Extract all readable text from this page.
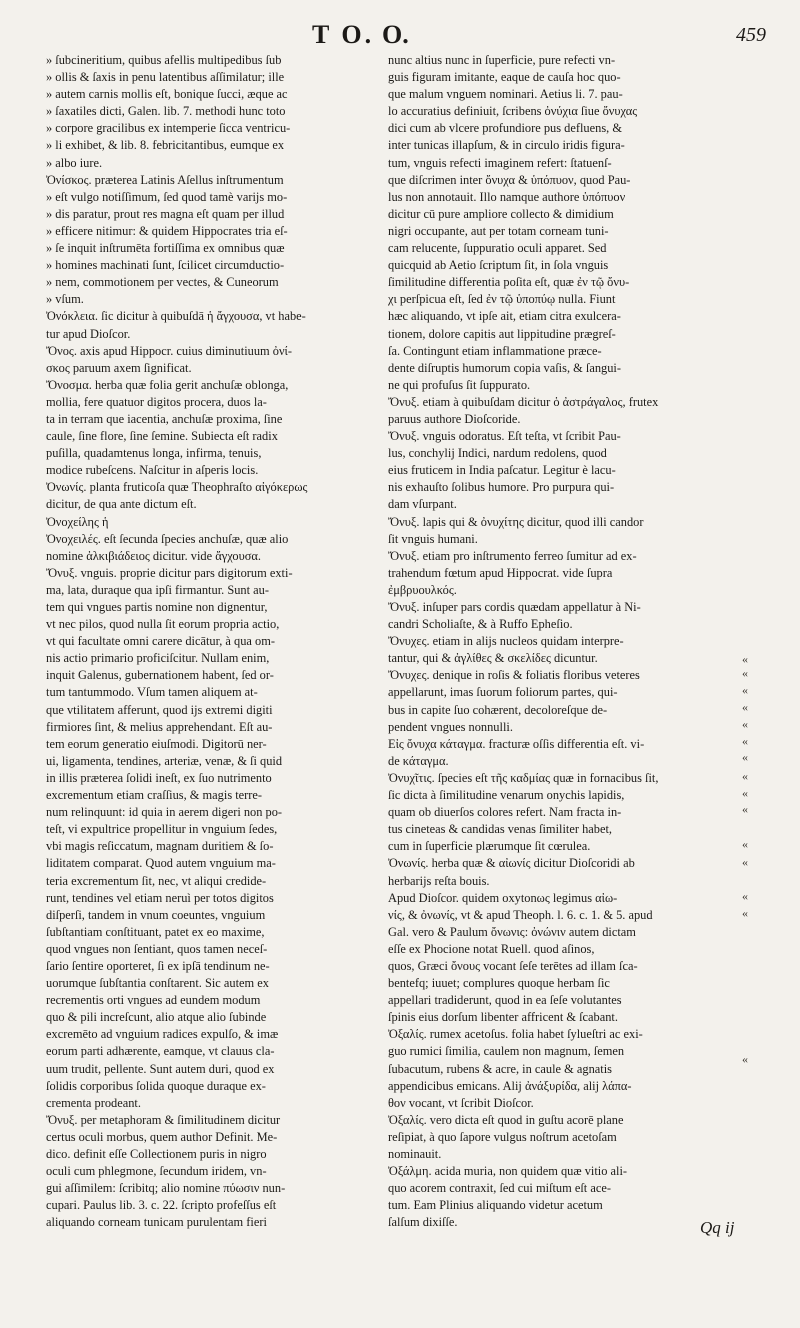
T O. O.	459

» ſubcineritium, quibus afellis multipedibus ſub

» ollis & ſaxis in penu latentibus aſſimilatur; ille

» autem carnis mollis eſt, bonique ſucci, æque ac

» ſaxatiles dicti, Galen. lib. 7. methodi hunc toto

» corpore gracilibus ex intemperie ſicca ventricu-

» li exhibet, & lib. 8. febricitantibus, eumque ex

» albo iure.

Ὀνίσκος. præterea Latinis Aſellus inſtrumentum

» eſt vulgo notiſſimum, ſed quod tamè varijs mo-

» dis paratur, prout res magna eſt quam per illud

» efficere nitimur: & quidem Hippocrates tria eſ-

» ſe inquit inſtrumēta fortiſſima ex omnibus quæ

» homines machinati ſunt, ſcilicet circumductio-

» nem, commotionem per vectes, & Cuneorum

» vſum.

Ὀνόκλεια. ſic dicitur à quibuſdā ἡ ἄγχουσα, vt habe-

tur apud Dioſcor.

Ὄνος. axis apud Hippocr. cuius diminutiuum ὀνί-

σκος paruum axem ſignificat.

Ὄνοσμα. herba quæ folia gerit anchuſæ oblonga,

mollia, fere quatuor digitos procera, duos la-

ta in terram que iacentia, anchuſæ proxima, ſine

caule, ſine flore, ſine ſemine. Subiecta eſt radix

puſilla, quadamtenus longa, infirma, tenuis,

modice rubeſcens. Naſcitur in aſperis locis.

Ὀνωνίς. planta fruticoſa quæ Theophraſto αἰγόκερως

dicitur, de qua ante dictum eſt.

Ὀνοχείλης ἡ

Ὀνοχειλές. eſt ſecunda ſpecies anchuſæ, quæ alio

nomine ἀλκιβιάδειος dicitur. vide ἄγχουσα.

Ὄνυξ. vnguis. proprie dicitur pars digitorum exti-

ma, lata, duraque qua ipſi firmantur. Sunt au-

tem qui vngues partis nomine non dignentur,

vt nec pilos, quod nulla ſit eorum propria actio,

vt qui facultate omni carere dicātur, à qua om-

nis actio primario proficiſcitur. Nullam enim,

inquit Galenus, gubernationem habent, ſed or-

tum tantummodo. Vſum tamen aliquem at-

que vtilitatem afferunt, quod ijs extremi digiti

firmiores ſint, & melius apprehendant. Eſt au-

tem eorum generatio eiuſmodi. Digitorū ner-

ui, ligamenta, tendines, arteriæ, venæ, & ſi quid

in illis præterea ſolidi ineſt, ex ſuo nutrimento

excrementum etiam craſſius, & magis terre-

num relinquunt: id quia in aerem digeri non po-

teſt, vi expultrice propellitur in vnguium ſedes,

vbi magis reſiccatum, magnam duritiem & ſo-

liditatem comparat. Quod autem vnguium ma-

teria excrementum ſit, nec, vt aliqui credide-

runt, tendines vel etiam neruì per totos digitos

diſperſi, tandem in vnum coeuntes, vnguium

ſubſtantiam conſtituant, patet ex eo maxime,

quod vngues non ſentiant, quos tamen neceſ-

ſario ſentire oporteret, ſi ex ipſā tendinum ne-

uorumque ſubſtantia conſtarent. Sic autem ex

recrementis orti vngues ad eundem modum

quo & pili increſcunt, alio atque alio ſubinde

excremēto ad vnguium radices expulſo, & imæ

eorum parti adhærente, eamque, vt clauus cla-

uum trudit, pellente. Sunt autem duri, quod ex

ſolidis corporibus ſolida quoque duraque ex-

crementa prodeant.

Ὄνυξ. per metaphoram & ſimilitudinem dicitur

certus oculi morbus, quem author Definit. Me-

dico. definit eſſe Collectionem puris in nigro

oculi cum phlegmone, ſecundum iridem, vn-

gui aſſimilem: ſcribitq; alio nomine πύωσιν nun-

cupari. Paulus lib. 3. c. 22. ſcripto profeſſus eſt

aliquando corneam tunicam purulentam fieri

nunc altius nunc in ſuperficie, pure refecti vn-

guis figuram imitante, eaque de cauſa hoc quo-

que malum vnguem nominari. Aetius li. 7. pau-

lo accuratius definiuit, ſcribens ὀνύχια ſiue ὄνυχας

dici cum ab vlcere profundiore pus defluens, &

inter tunicas illapſum, & in circulo iridis figura-

tum, vnguis refecti imaginem refert: ſtatuenſ-

que diſcrimen inter ὄνυχα & ὑπόπυον, quod Pau-

lus non annotauit. Illo namque authore ὑπόπυον

dicitur cū pure ampliore collecto & dimidium

nigri occupante, aut per totam corneam tuni-

cam relucente, ſuppuratio oculi apparet. Sed

quicquid ab Aetio ſcriptum ſit, in ſola vnguis

ſimilitudine differentia poſita eſt, quæ ἐν τῷ ὄνυ-

χι perſpicua eſt, ſed ἐν τῷ ὑποπύῳ nulla. Fiunt

hæc aliquando, vt ipſe ait, etiam citra exulcera-

tionem, dolore capitis aut lippitudine prægreſ-

ſa. Contingunt etiam inflammatione præce-

dente diſruptis humorum copia vaſis, & ſangui-

ne qui profuſus ſit ſuppurato.

Ὄνυξ. etiam à quibuſdam dicitur ὁ ἀστράγαλος, frutex

paruus authore Dioſcoride.

Ὄνυξ. vnguis odoratus. Eſt teſta, vt ſcribit Pau-

lus, conchylij Indici, nardum redolens, quod

eius fruticem in India paſcatur. Legitur è lacu-

nis exhauſto ſolibus humore. Pro purpura qui-

dam vſurpant.

Ὄνυξ. lapis qui & ὀνυχίτης dicitur, quod illi candor

ſit vnguis humani.

Ὄνυξ. etiam pro inſtrumento ferreo ſumitur ad ex-

trahendum fœtum apud Hippocrat. vide ſupra

ἐμβρυουλκός.

Ὄνυξ. inſuper pars cordis quædam appellatur à Ni-

candri Scholiaſte, & à Ruffo Epheſio.

Ὄνυχες. etiam in alijs nucleos quidam interpre-

tantur, qui & ἀγλίθες & σκελίδες dicuntur.

Ὄνυχες. denique in roſis & foliatis floribus veteres

appellarunt, imas ſuorum foliorum partes, qui-

bus in capite ſuo cohærent, decoloreſque de-

pendent vngues nonnulli.

Εἰς ὄνυχα κάταγμα. fracturæ oſſis differentia eſt. vi-

de κάταγμα.

Ὀνυχῖτις. ſpecies eſt τῆς καδμίας quæ in fornacibus ſit,

ſic dicta à ſimilitudine venarum onychis lapidis,

quam ob diuerſos colores refert. Nam fracta in-

tus cineteas & candidas venas ſimiliter habet,

cum in ſuperficie plærumque ſit cœrulea.

Ὀνωνίς. herba quæ & αἰωνίς dicitur Dioſcoridi ab

herbarijs reſta bouis.

Apud Dioſcor. quidem oxytonως legimus αἰω-

νίς, & ὀνωνίς, vt & apud Theoph. l. 6. c. 1. & 5. apud

Gal. vero & Paulum ὄνωνις: ὀνώνιν autem dictam

eſſe ex Phocione notat Ruell. quod aſinos,

quos, Græci ὄνους vocant ſeſe terētes ad illam ſca-

bentefq; iuuet; complures quoque herbam ſic

appellari tradiderunt, quod in ea ſeſe volutantes

ſpinis eius dorſum libenter affricent & ſcabant.

Ὀξαλίς. rumex acetoſus. folia habet ſylueſtri ac exi-

guo rumici ſimilia, caulem non magnum, ſemen

ſubacutum, rubens & acre, in caule & agnatis

appendicibus emicans. Alij ἀνάξυρίδα, alij λάπα-

θον vocant, vt ſcribit Dioſcor.

Ὀξαλίς. vero dicta eſt quod in guſtu acorē plane

reſipiat, à quo ſapore vulgus noſtrum acetoſam

nominauit.

Ὀξάλμη. acida muria, non quidem quæ vitio ali-

quo acorem contraxit, ſed cui miſtum eſt ace-

tum. Eam Plinius aliquando videtur acetum

ſalſum dixiſſe.

«
«
«
«
«
«
«
«
«
«
«
«
«
«
«
Qq ij
